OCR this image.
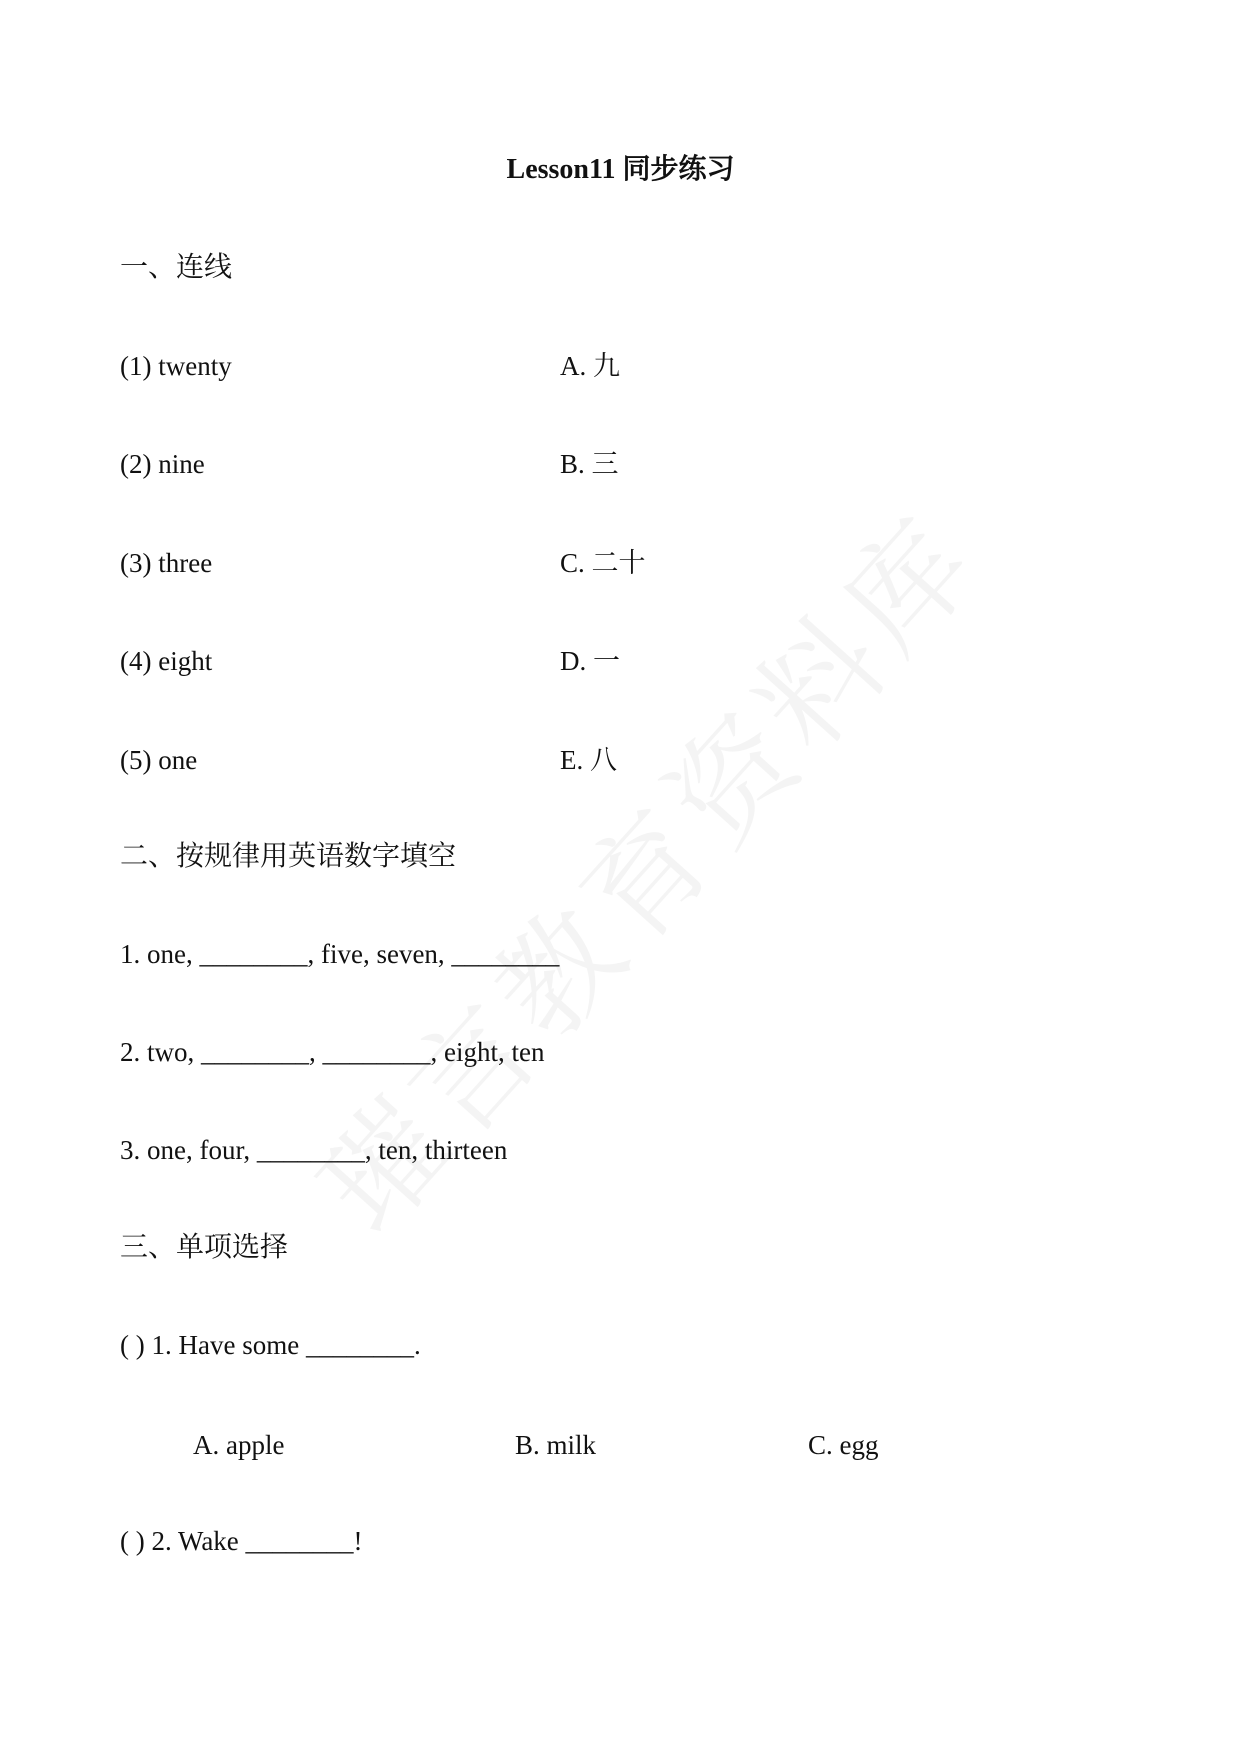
Lesson11 同步练习
一、连线
(1) twenty	A. 九
(2) nine	B. 三
(3) three	C. 二十
(4) eight	D. 一
(5) one	E. 八
二、按规律用英语数字填空
1. one, ________, five, seven, ________
2. two, ________, ________, eight, ten
3. one, four, ________, ten, thirteen
三、单项选择
( ) 1. Have some ________.
A. apple	B. milk	C. egg
( ) 2. Wake ________!
